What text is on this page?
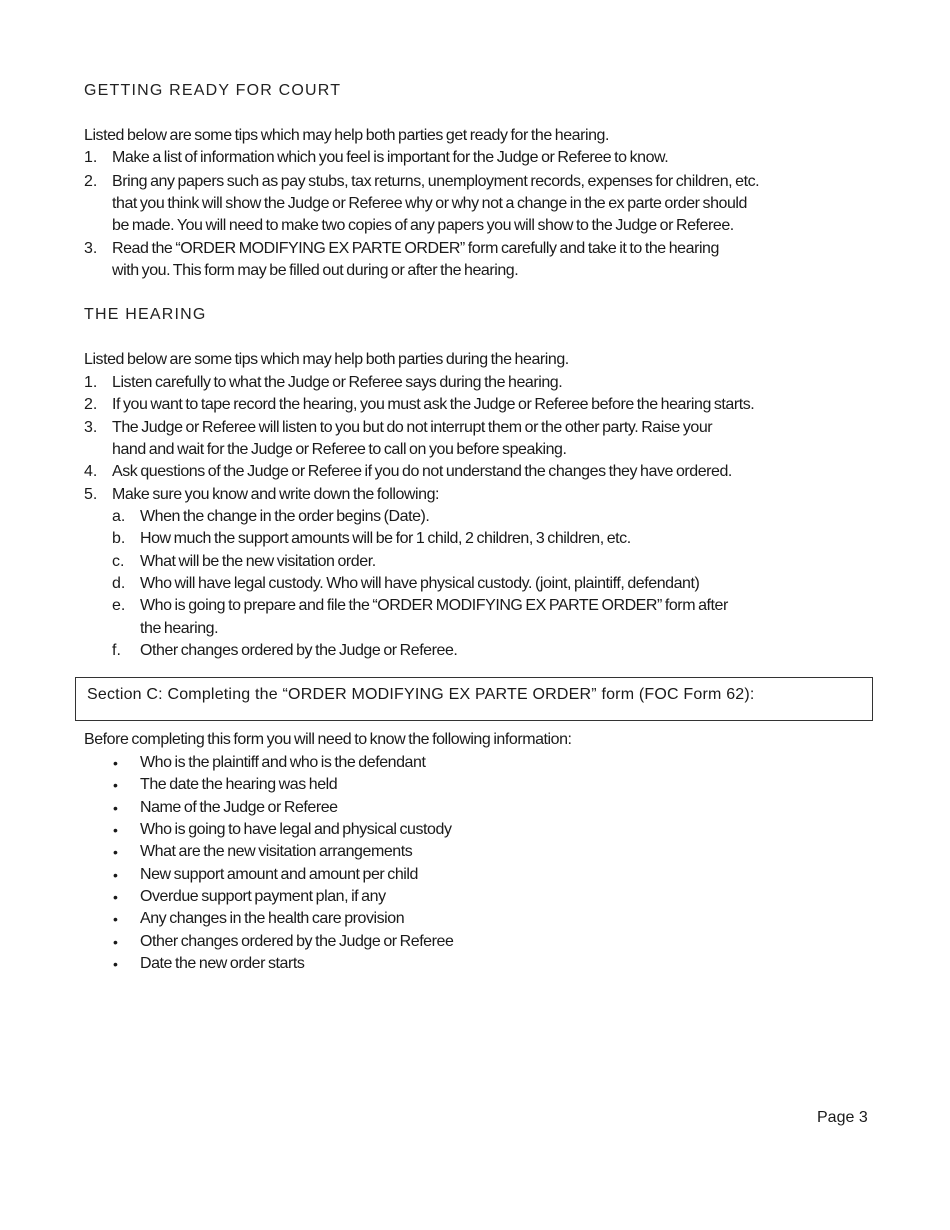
GETTING READY FOR COURT
Listed below are some tips which may help both parties get ready for the hearing.
1. Make a list of information which you feel is important for the Judge or Referee to know.
2. Bring any papers such as pay stubs, tax returns, unemployment records, expenses for children, etc.
that you think will show the Judge or Referee why or why not a change in the ex parte order should
be made. You will need to make two copies of any papers you will show to the Judge or Referee.
3. Read the “ORDER MODIFYING EX PARTE ORDER” form carefully and take it to the hearing
with you. This form may be filled out during or after the hearing.
THE HEARING
Listed below are some tips which may help both parties during the hearing.
1. Listen carefully to what the Judge or Referee says during the hearing.
2. If you want to tape record the hearing, you must ask the Judge or Referee before the hearing starts.
3. The Judge or Referee will listen to you but do not interrupt them or the other party. Raise your
hand and wait for the Judge or Referee to call on you before speaking.
4. Ask questions of the Judge or Referee if you do not understand the changes they have ordered.
5. Make sure you know and write down the following:
a. When the change in the order begins (Date).
b. How much the support amounts will be for 1 child, 2 children, 3 children, etc.
c. What will be the new visitation order.
d. Who will have legal custody. Who will have physical custody. (joint, plaintiff, defendant)
e. Who is going to prepare and file the “ORDER MODIFYING EX PARTE ORDER” form after
the hearing.
f. Other changes ordered by the Judge or Referee.
Section C: Completing the “ORDER MODIFYING EX PARTE ORDER” form (FOC Form 62):
Before completing this form you will need to know the following information:
• Who is the plaintiff and who is the defendant
• The date the hearing was held
• Name of the Judge or Referee
• Who is going to have legal and physical custody
• What are the new visitation arrangements
• New support amount and amount per child
• Overdue support payment plan, if any
• Any changes in the health care provision
• Other changes ordered by the Judge or Referee
• Date the new order starts
Page 3
